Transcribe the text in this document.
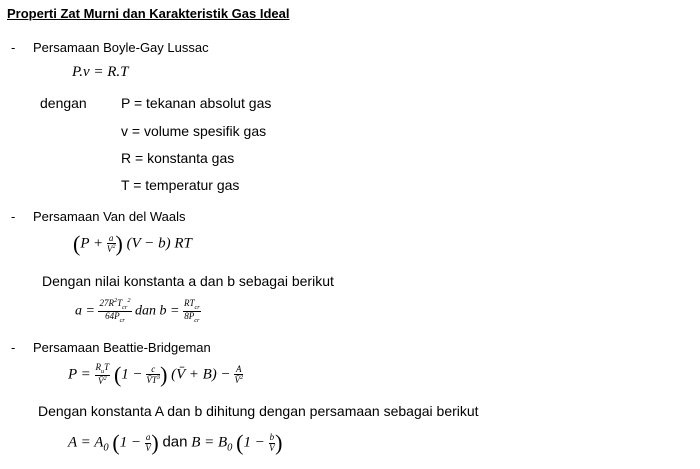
Properti Zat Murni dan Karakteristik Gas Ideal
- Persamaan Boyle-Gay Lussac
P.v = R.T
dengan P = tekanan absolut gas
v = volume spesifik gas
R = konstanta gas
T = temperatur gas
- Persamaan Van del Waals
($P + \frac{a}{V^2}$ ) (V − b) RT
Dengan nilai konstanta a dan b sebagai berikut
$a = \frac{27R^2T_{cr}^2}{64P_{cr}}$ dan $b = \frac{RT_{cr}}{8P_{cr}}$
- Persamaan Beattie-Bridgeman
$P = \frac{R_uT}{V̄^2} (1 - \frac{c}{V̄T^3}$ ) (V̄ + $B) - \frac{A}{V̄^2}$
Dengan konstanta A dan b dihitung dengan persamaan sebagai berikut
$A = A_0$ ($1 - \frac{a}{V̄}$ ) dan $B = B_0$ ($1 - \frac{b}{V̄}$ )
